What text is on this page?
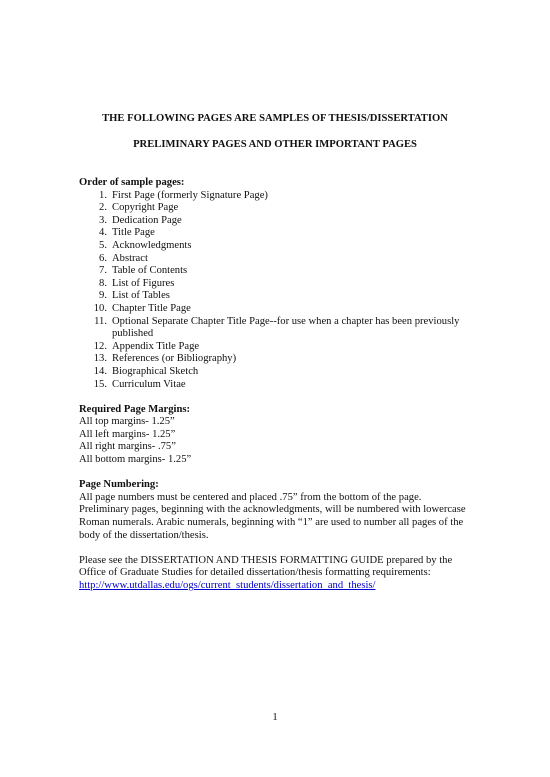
THE FOLLOWING PAGES ARE SAMPLES OF THESIS/DISSERTATION
PRELIMINARY PAGES AND OTHER IMPORTANT PAGES

Order of sample pages:

1. First Page (formerly Signature Page)
2. Copyright Page
3. Dedication Page
4. Title Page
5. Acknowledgments
6. Abstract
7. Table of Contents
8. List of Figures
9. List of Tables
10. Chapter Title Page
11. Optional Separate Chapter Title Page--for use when a chapter has been previously published
12. Appendix Title Page
13. References (or Bibliography)
14. Biographical Sketch
15. Curriculum Vitae

Required Page Margins:

All top margins- 1.25”

All left margins- 1.25”

All right margins- .75”

All bottom margins- 1.25”

Page Numbering:

All page numbers must be centered and placed .75” from the bottom of the page.

Preliminary pages, beginning with the acknowledgments, will be numbered with lowercase Roman numerals. Arabic numerals, beginning with “1” are used to number all pages of the body of the dissertation/thesis.

Please see the DISSERTATION AND THESIS FORMATTING GUIDE prepared by the Office of Graduate Studies for detailed dissertation/thesis formatting requirements:

http://www.utdallas.edu/ogs/current_students/dissertation_and_thesis/

1
